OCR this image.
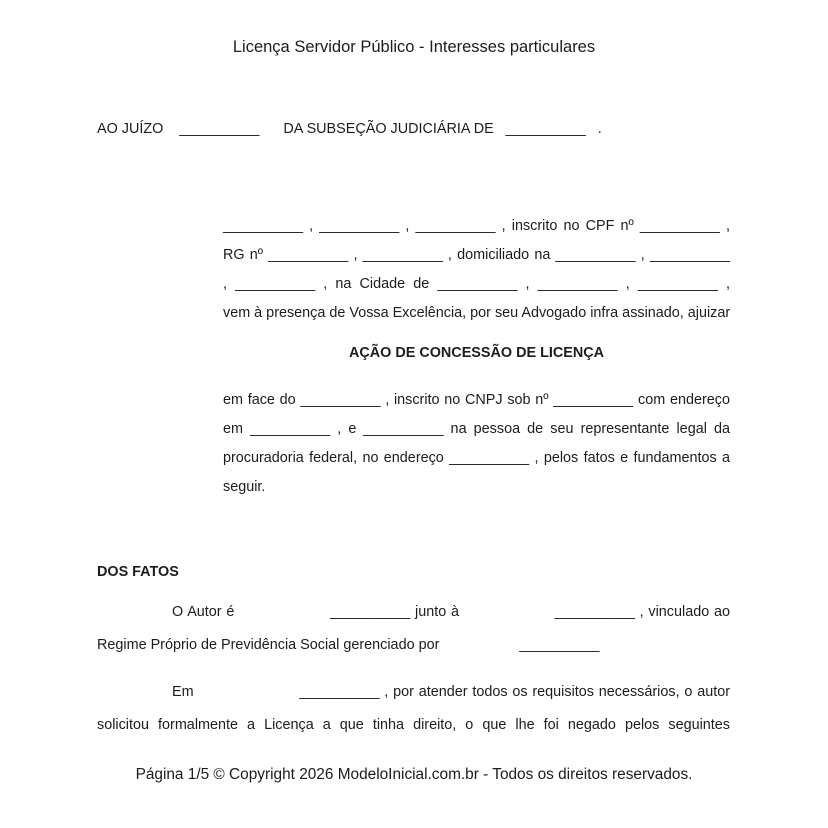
Licença Servidor Público - Interesses particulares
AO JUÍZO    __________      DA SUBSEÇÃO JUDICIÁRIA DE   __________   .
__________ , __________ , __________ , inscrito no CPF nº __________ ,
RG nº __________ , __________ , domiciliado na __________ , __________
, __________ , na Cidade de __________ , __________ , __________ ,
vem à presença de Vossa Excelência, por seu Advogado infra assinado, ajuizar
AÇÃO DE CONCESSÃO DE LICENÇA
em face do __________ , inscrito no CNPJ sob nº __________ com endereço
em __________ , e __________ na pessoa de seu representante legal da
procuradoria federal, no endereço __________ , pelos fatos e fundamentos a
seguir.
DOS FATOS
O Autor é                    __________ junto à                    __________ , vinculado ao
Regime Próprio de Previdência Social gerenciado por                    __________
Em                      __________ , por atender todos os requisitos necessários, o autor
solicitou formalmente a Licença a que tinha direito, o que lhe foi negado pelos seguintes
Página 1/5 © Copyright 2026 ModeloInicial.com.br - Todos os direitos reservados.
